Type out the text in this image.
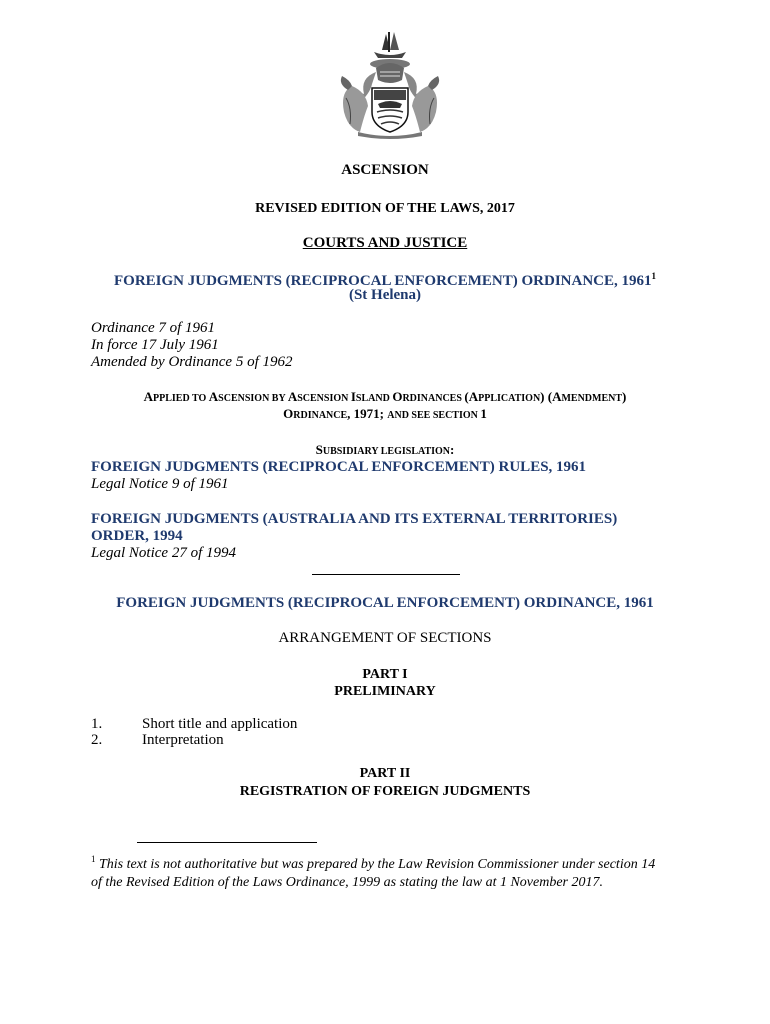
ASCENSION
REVISED EDITION OF THE LAWS, 2017
COURTS AND JUSTICE
FOREIGN JUDGMENTS (RECIPROCAL ENFORCEMENT) ORDINANCE, 1961$^1$
(St Helena)
Ordinance 7 of 1961
In force 17 July 1961
Amended by Ordinance 5 of 1962
APPLIED TO ASCENSION BY ASCENSION ISLAND ORDINANCES (APPLICATION) (AMENDMENT)
ORDINANCE, 1971; AND SEE SECTION 1
SUBSIDIARY LEGISLATION:
FOREIGN JUDGMENTS (RECIPROCAL ENFORCEMENT) RULES, 1961
Legal Notice 9 of 1961
FOREIGN JUDGMENTS (AUSTRALIA AND ITS EXTERNAL TERRITORIES)
ORDER, 1994
Legal Notice 27 of 1994
FOREIGN JUDGMENTS (RECIPROCAL ENFORCEMENT) ORDINANCE, 1961
ARRANGEMENT OF SECTIONS
PART I
PRELIMINARY
1.	Short title and application
2.	Interpretation
PART II
REGISTRATION OF FOREIGN JUDGMENTS
$^1$ This text is not authoritative but was prepared by the Law Revision Commissioner under section 14
of the Revised Edition of the Laws Ordinance, 1999 as stating the law at 1 November 2017.
